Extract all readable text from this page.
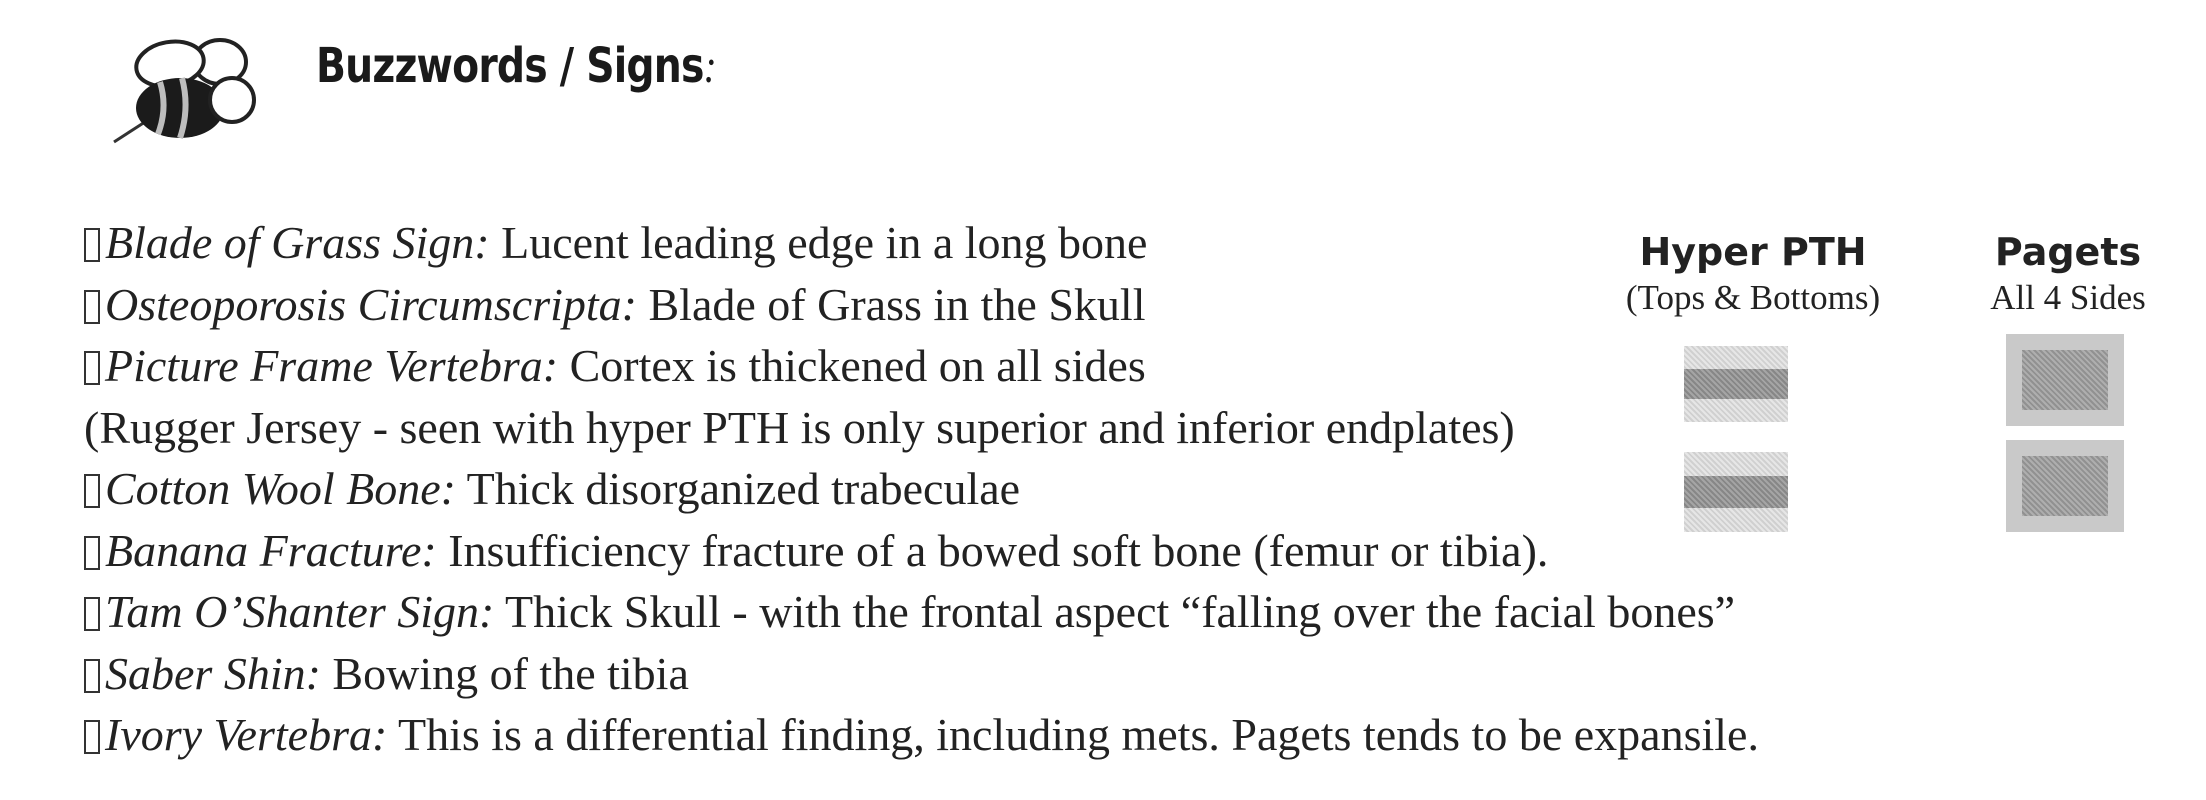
Buzzwords / Signs:
Blade of Grass Sign: Lucent leading edge in a long bone
Osteoporosis Circumscripta: Blade of Grass in the Skull
Picture Frame Vertebra: Cortex is thickened on all sides
(Rugger Jersey - seen with hyper PTH is only superior and inferior endplates)
Cotton Wool Bone: Thick disorganized trabeculae
Banana Fracture: Insufficiency fracture of a bowed soft bone (femur or tibia).
Tam O’Shanter Sign: Thick Skull - with the frontal aspect “falling over the facial bones”
Saber Shin: Bowing of the tibia
Ivory Vertebra: This is a differential finding, including mets. Pagets tends to be expansile.
Hyper PTH
(Tops & Bottoms)
Pagets
All 4 Sides
